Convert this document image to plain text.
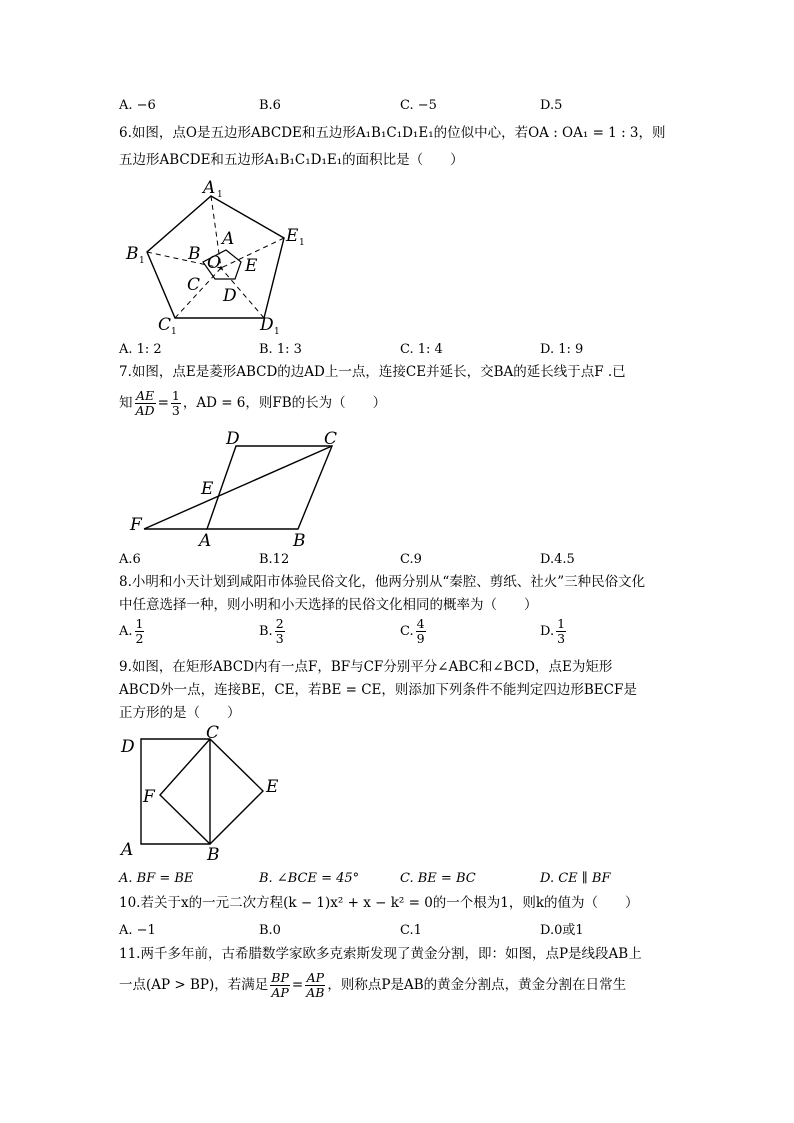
A. −6	B.6	C. −5	D.5
6.如图，点O是五边形ABCDE和五边形A₁B₁C₁D₁E₁的位似中心，若OA : OA₁ = 1 : 3，则
五边形ABCDE和五边形A₁B₁C₁D₁E₁的面积比是（　　）
A 1
E 1
B 1
C 1	D 1
A
B O E
C
D
A. 1: 2	B. 1: 3	C. 1: 4	D. 1: 9
7.如图，点E是菱形ABCD的边AD上一点，连接CE并延长，交BA的延长线于点F .已
知 $\frac{AE}{AD} = \frac{1}{3}$ ，AD = 6，则FB的长为（　　）
D	C
E
F
A	B
A.6	B.12	C.9	D.4.5
8.小明和小天计划到咸阳市体验民俗文化，他两分别从“秦腔、剪纸、社火”三种民俗文化
中任意选择一种，则小明和小天选择的民俗文化相同的概率为（　　）
A. $\frac{1}{2}$	B. $\frac{2}{3}$	C. $\frac{4}{9}$	D. $\frac{1}{3}$
9.如图，在矩形ABCD内有一点F，BF与CF分别平分∠ABC和∠BCD，点E为矩形
ABCD外一点，连接BE，CE，若BE = CE，则添加下列条件不能判定四边形BECF是
正方形的是（　　）
D
C
F	E
A	B
A. BF = BE	B. ∠BCE = 45°	C. BE = BC	D. CE ∥ BF
10.若关于x的一元二次方程(k − 1)x² + x − k² = 0的一个根为1，则k的值为（　　）
A. −1	B.0	C.1	D.0或1
11.两千多年前，古希腊数学家欧多克索斯发现了黄金分割，即：如图，点P是线段AB上
一点(AP > BP)，若满足 $\frac{BP}{AP} = \frac{AP}{AB}$ ，则称点P是AB的黄金分割点，黄金分割在日常生
